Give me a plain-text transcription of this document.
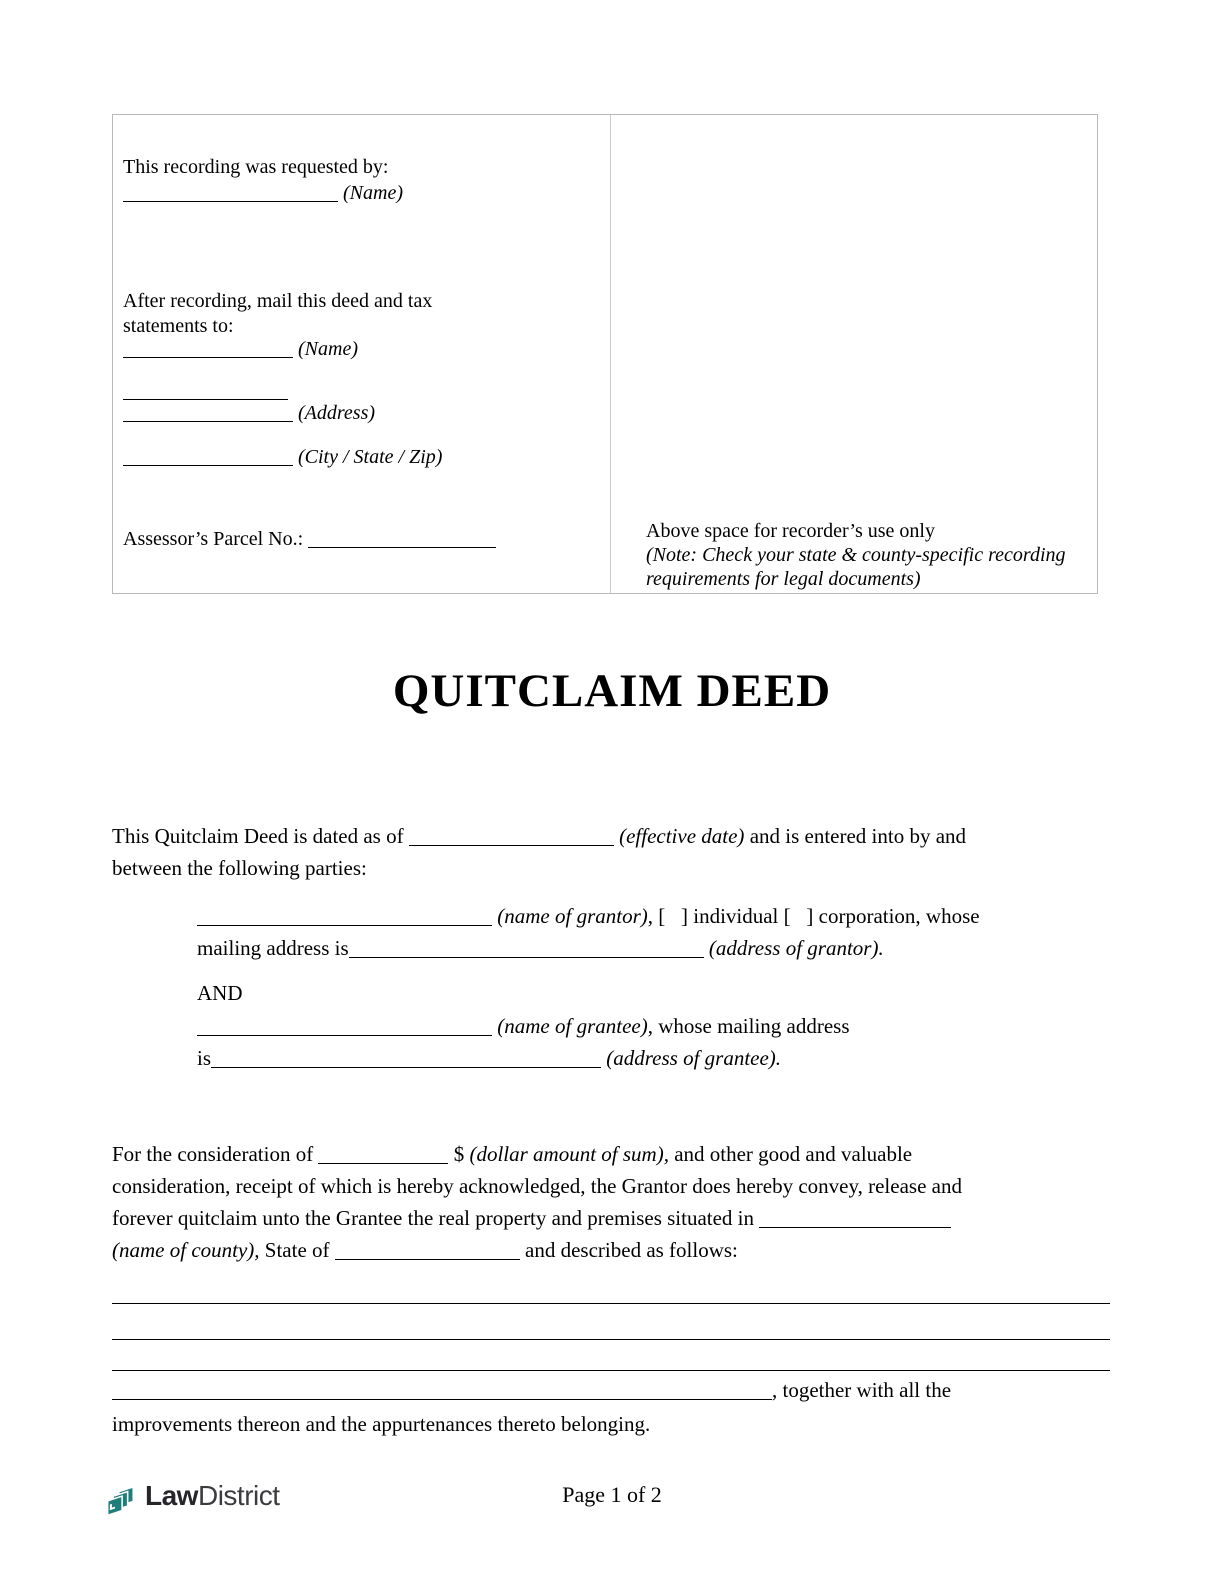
This recording was requested by:
(Name)
After recording, mail this deed and tax statements to:
(Name)
(Address)
(City / State / Zip)
Assessor’s Parcel No.:	Above space for recorder’s use only
(Note: Check your state & county-specific recording requirements for legal documents)
QUITCLAIM DEED
This Quitclaim Deed is dated as of	(effective date) and is entered into by and
between the following parties:
(name of grantor), [   ] individual [   ] corporation, whose
mailing address is	(address of grantor).
AND
(name of grantee), whose mailing address
is	(address of grantee).
For the consideration of	$ (dollar amount of sum), and other good and valuable
consideration, receipt of which is hereby acknowledged, the Grantor does hereby convey, release and
forever quitclaim unto the Grantee the real property and premises situated in
(name of county), State of	and described as follows:
, together with all the
improvements thereon and the appurtenances thereto belonging.
LawDistrict	Page 1 of 2
